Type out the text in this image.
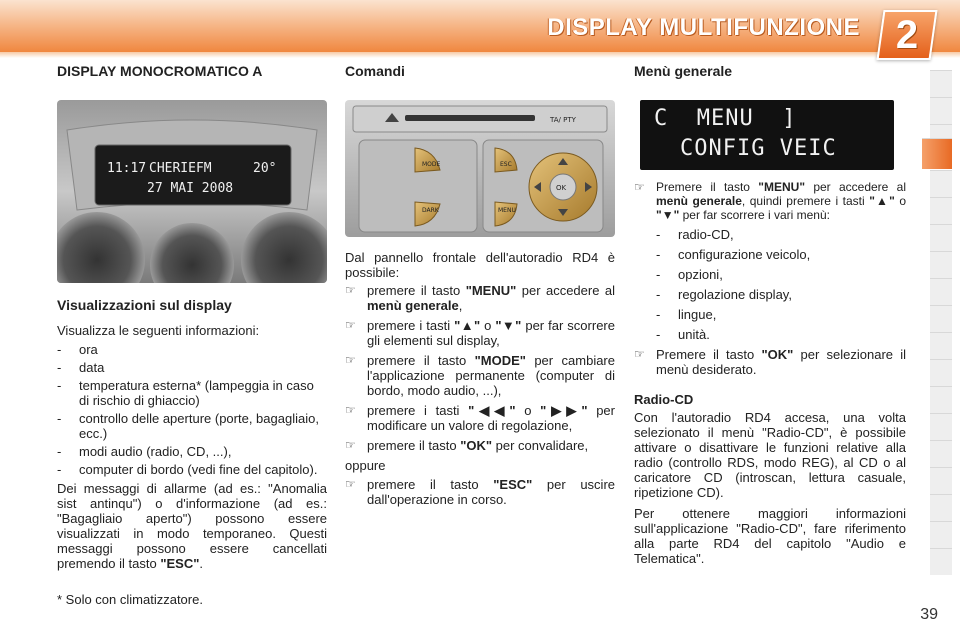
DISPLAY MULTIFUNZIONE 2
DISPLAY MONOCROMATICO A
11:17 CHERIEFM	20°
27 MAI 2008
Visualizzazioni sul display

Visualizza le seguenti informazioni:

- ora
- data
- temperatura esterna* (lampeggia in caso di rischio di ghiaccio)
- controllo delle aperture (porte, bagagliaio, ecc.)
- modi audio (radio, CD, ...),
- computer di bordo (vedi fine del capitolo).

Dei messaggi di allarme (ad es.: "Anomalia sist antinqu") o d'informazione (ad es.: "Bagagliaio aperto") possono essere visualizzati in modo temporaneo. Questi messaggi possono essere cancellati premendo il tasto "ESC".

* Solo con climatizzatore.
Comandi
TA/ PTY
MODE
DARK
ESC
MENU
OK

Dal pannello frontale dell'autoradio RD4 è possibile:

☞ premere il tasto "MENU" per accedere al menù generale,
☞ premere i tasti "▲" o "▼" per far scorrere gli elementi sul display,
☞ premere il tasto "MODE" per cambiare l'applicazione permanente (computer di bordo, modo audio, ...),
☞ premere i tasti "◀◀" o "▶▶" per modificare un valore di regolazione,
☞ premere il tasto "OK" per convalidare,

oppure

☞ premere il tasto "ESC" per uscire dall'operazione in corso.
Menù generale
C  MENU  ]
CONFIG VEIC
☞ Premere il tasto "MENU" per accedere al menù generale, quindi premere i tasti "▲" o "▼" per far scorrere i vari menù:
- radio-CD,
- configurazione veicolo,
- opzioni,
- regolazione display,
- lingue,
- unità.
☞ Premere il tasto "OK" per selezionare il menù desiderato.
Radio-CD

Con l'autoradio RD4 accesa, una volta selezionato il menù "Radio-CD", è possibile attivare o disattivare le funzioni relative alla radio (controllo RDS, modo REG), al CD o al caricatore CD (introscan, lettura casuale, ripetizione CD).

Per ottenere maggiori informazioni sull'applicazione "Radio-CD", fare riferimento alla parte RD4 del capitolo "Audio e Telematica".

39
